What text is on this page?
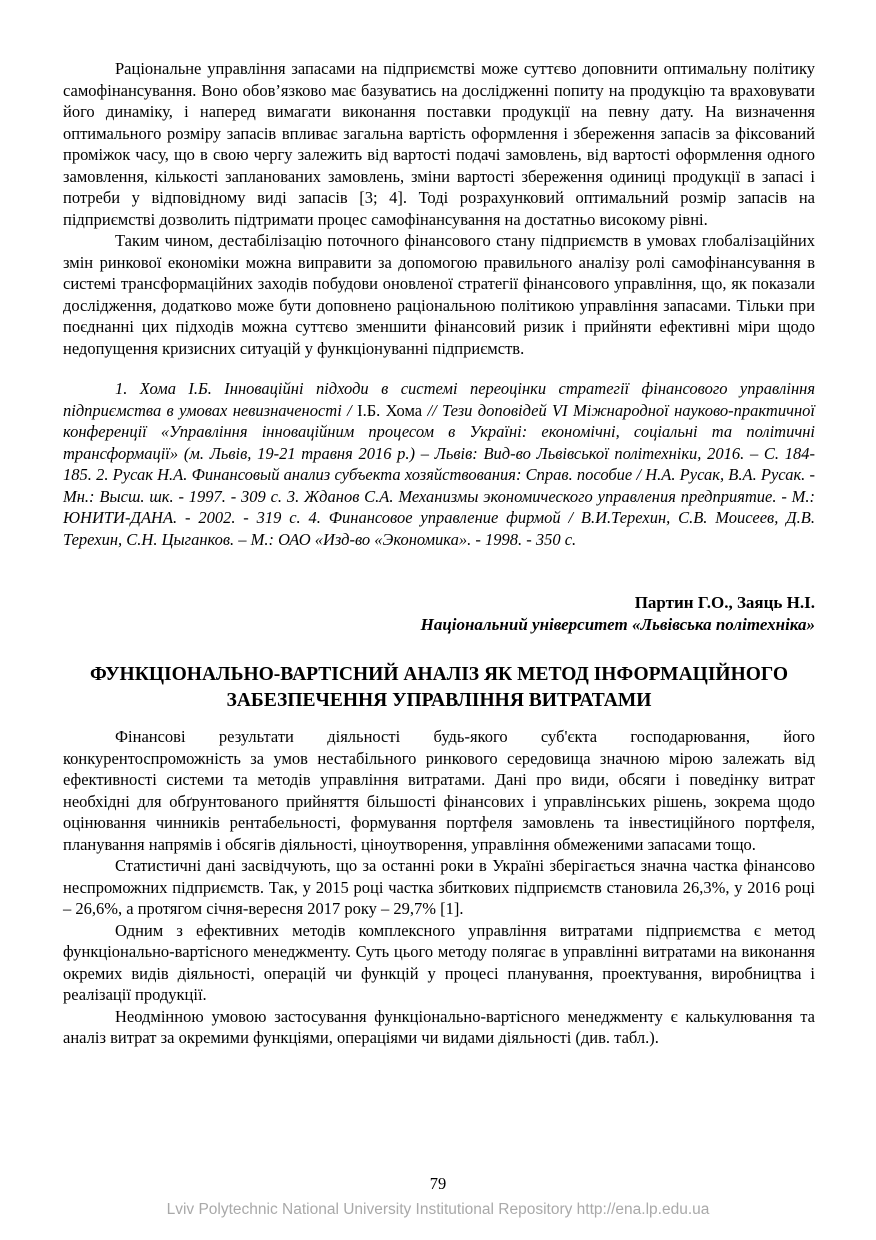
Раціональне управління запасами на підприємстві може суттєво доповнити оптимальну політику самофінансування. Воно обов’язково має базуватись на дослідженні попиту на продукцію та враховувати його динаміку, і наперед вимагати виконання поставки продукції на певну дату. На визначення оптимального розміру запасів впливає загальна вартість оформлення і збереження запасів за фіксований проміжок часу, що в свою чергу залежить від вартості подачі замовлень, від вартості оформлення одного замовлення, кількості запланованих замовлень, зміни вартості збереження одиниці продукції в запасі і потреби у відповідному виді запасів [3; 4]. Тоді розрахунковий оптимальний розмір запасів на підприємстві дозволить підтримати процес самофінансування на достатньо високому рівні.

Таким чином, дестабілізацію поточного фінансового стану підприємств в умовах глобалізаційних змін ринкової економіки можна виправити за допомогою правильного аналізу ролі самофінансування в системі трансформаційних заходів побудови оновленої стратегії фінансового управління, що, як показали дослідження, додатково може бути доповнено раціональною політикою управління запасами. Тільки при поєднанні цих підходів можна суттєво зменшити фінансовий ризик і прийняти ефективні міри щодо недопущення кризисних ситуацій у функціонуванні підприємств.

1. Хома І.Б. Інноваційні підходи в системі переоцінки стратегії фінансового управління підприємства в умовах невизначеності / І.Б. Хома // Тези доповідей VI Міжнародної науково-практичної конференції «Управління інноваційним процесом в Україні: економічні, соціальні та політичні трансформації» (м. Львів, 19-21 травня 2016 р.) – Львів: Вид-во Львівської політехніки, 2016. – С. 184-185. 2. Русак Н.А. Финансовый анализ субъекта хозяйствования: Справ. пособие / Н.А. Русак, В.А. Русак. - Мн.: Высш. шк. - 1997. - 309 с. 3. Жданов С.А. Механизмы экономического управления предприятие. - М.: ЮНИТИ-ДАНА. - 2002. - 319 с. 4. Финансовое управление фирмой / В.И.Терехин, С.В. Моисеев, Д.В. Терехин, С.Н. Цыганков. – М.: ОАО «Изд-во «Экономика». - 1998. - 350 с.

Партин Г.О., Заяць Н.І.
Національний університет «Львівська політехніка»
ФУНКЦІОНАЛЬНО-ВАРТІСНИЙ АНАЛІЗ ЯК МЕТОД ІНФОРМАЦІЙНОГО ЗАБЕЗПЕЧЕННЯ УПРАВЛІННЯ ВИТРАТАМИ

Фінансові результати діяльності будь-якого суб'єкта господарювання, його конкурентоспроможність за умов нестабільного ринкового середовища значною мірою залежать від ефективності системи та методів управління витратами. Дані про види, обсяги і поведінку витрат необхідні для обґрунтованого прийняття більшості фінансових і управлінських рішень, зокрема щодо оцінювання чинників рентабельності, формування портфеля замовлень та інвестиційного портфеля, планування напрямів і обсягів діяльності, ціноутворення, управління обмеженими запасами тощо.

Статистичні дані засвідчують, що за останні роки в Україні зберігається значна частка фінансово неспроможних підприємств. Так, у 2015 році частка збиткових підприємств становила 26,3%, у 2016 році – 26,6%, а протягом січня-вересня 2017 року – 29,7% [1].

Одним з ефективних методів комплексного управління витратами підприємства є метод функціонально-вартісного менеджменту. Суть цього методу полягає в управлінні витратами на виконання окремих видів діяльності, операцій чи функцій у процесі планування, проектування, виробництва і реалізації продукції.

Неодмінною умовою застосування функціонально-вартісного менеджменту є калькулювання та аналіз витрат за окремими функціями, операціями чи видами діяльності (див. табл.).

79
Lviv Polytechnic National University Institutional Repository http://ena.lp.edu.ua
